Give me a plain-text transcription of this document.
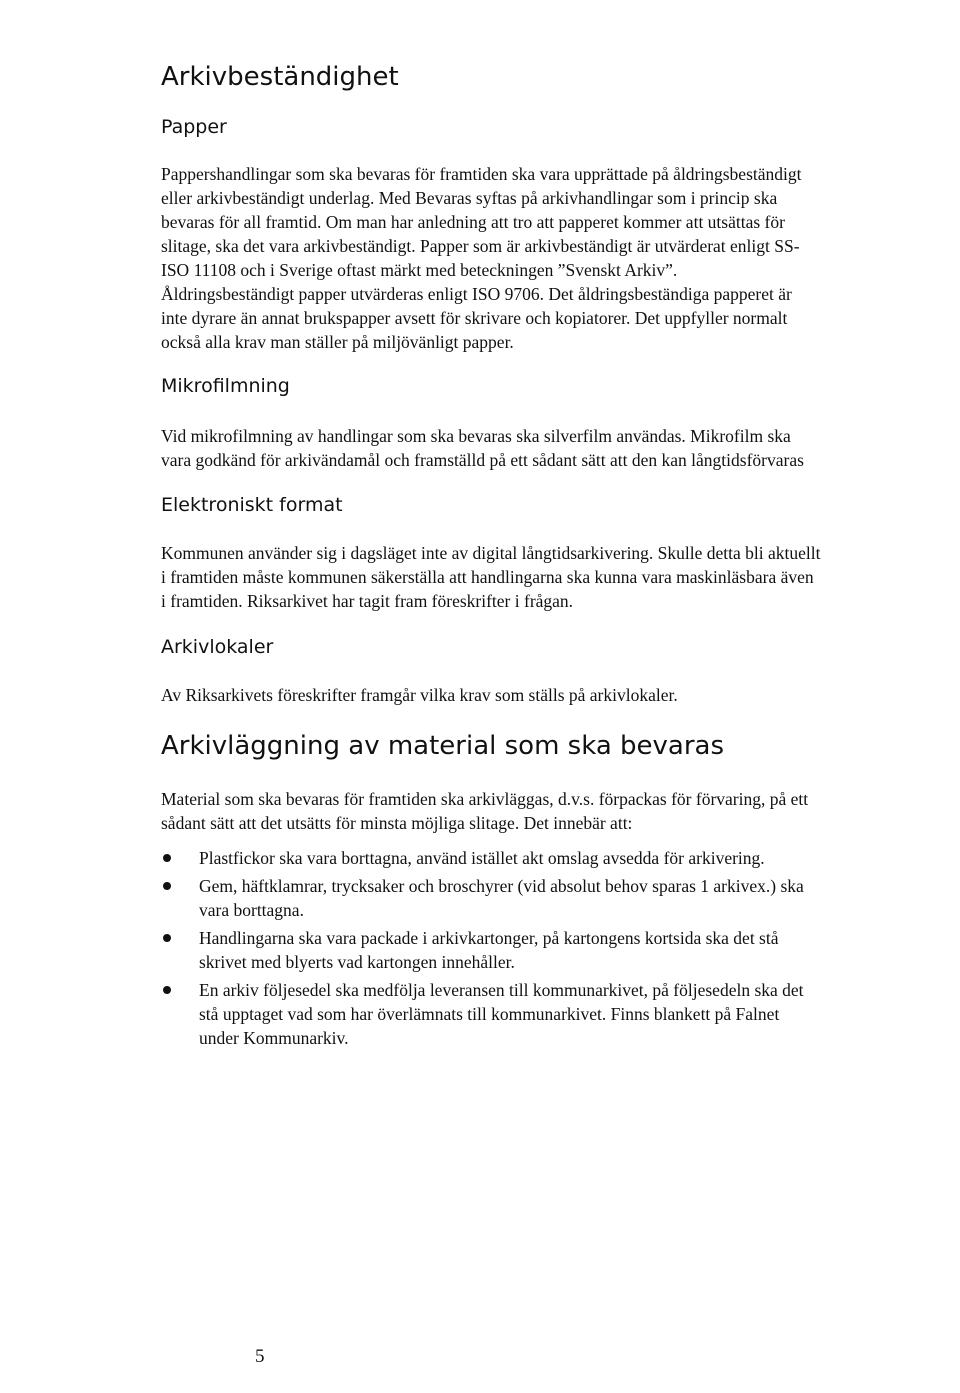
Arkivbeständighet
Papper
Pappershandlingar som ska bevaras för framtiden ska vara upprättade på åldringsbeständigt
eller arkivbeständigt underlag. Med Bevaras syftas på arkivhandlingar som i princip ska
bevaras för all framtid. Om man har anledning att tro att papperet kommer att utsättas för
slitage, ska det vara arkivbeständigt. Papper som är arkivbeständigt är utvärderat enligt SS-
ISO 11108 och i Sverige oftast märkt med beteckningen ”Svenskt Arkiv”.
Åldringsbeständigt papper utvärderas enligt ISO 9706. Det åldringsbeständiga papperet är
inte dyrare än annat brukspapper avsett för skrivare och kopiatorer. Det uppfyller normalt
också alla krav man ställer på miljövänligt papper.
Mikrofilmning
Vid mikrofilmning av handlingar som ska bevaras ska silverfilm användas. Mikrofilm ska
vara godkänd för arkivändamål och framställd på ett sådant sätt att den kan långtidsförvaras
Elektroniskt format
Kommunen använder sig i dagsläget inte av digital långtidsarkivering. Skulle detta bli aktuellt
i framtiden måste kommunen säkerställa att handlingarna ska kunna vara maskinläsbara även
i framtiden. Riksarkivet har tagit fram föreskrifter i frågan.
Arkivlokaler
Av Riksarkivets föreskrifter framgår vilka krav som ställs på arkivlokaler.
Arkivläggning av material som ska bevaras
Material som ska bevaras för framtiden ska arkivläggas, d.v.s. förpackas för förvaring, på ett
sådant sätt att det utsätts för minsta möjliga slitage. Det innebär att:
Plastfickor ska vara borttagna, använd istället akt omslag avsedda för arkivering.
Gem, häftklamrar, trycksaker och broschyrer (vid absolut behov sparas 1 arkivex.) ska
vara borttagna.
Handlingarna ska vara packade i arkivkartonger, på kartongens kortsida ska det stå
skrivet med blyerts vad kartongen innehåller.
En arkiv följesedel ska medfölja leveransen till kommunarkivet, på följesedeln ska det
stå upptaget vad som har överlämnats till kommunarkivet. Finns blankett på Falnet
under Kommunarkiv.
5
